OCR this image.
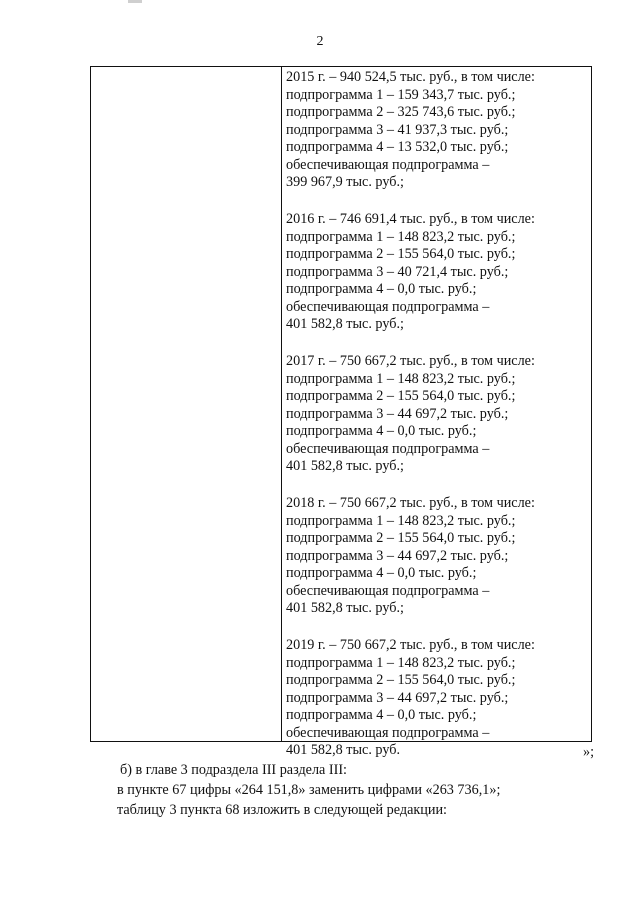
2
2015 г. – 940 524,5 тыс. руб., в том числе:
подпрограмма 1 – 159 343,7 тыс. руб.;
подпрограмма 2 – 325 743,6 тыс. руб.;
подпрограмма 3 – 41 937,3 тыс. руб.;
подпрограмма 4 – 13 532,0 тыс. руб.;
обеспечивающая подпрограмма –
399 967,9 тыс. руб.;
2016 г. – 746 691,4 тыс. руб., в том числе:
подпрограмма 1 – 148 823,2 тыс. руб.;
подпрограмма 2 – 155 564,0 тыс. руб.;
подпрограмма 3 – 40 721,4 тыс. руб.;
подпрограмма 4 – 0,0 тыс. руб.;
обеспечивающая подпрограмма –
401 582,8 тыс. руб.;
2017 г. – 750 667,2 тыс. руб., в том числе:
подпрограмма 1 – 148 823,2 тыс. руб.;
подпрограмма 2 – 155 564,0 тыс. руб.;
подпрограмма 3 – 44 697,2 тыс. руб.;
подпрограмма 4 – 0,0 тыс. руб.;
обеспечивающая подпрограмма –
401 582,8 тыс. руб.;
2018 г. – 750 667,2 тыс. руб., в том числе:
подпрограмма 1 – 148 823,2 тыс. руб.;
подпрограмма 2 – 155 564,0 тыс. руб.;
подпрограмма 3 – 44 697,2 тыс. руб.;
подпрограмма 4 – 0,0 тыс. руб.;
обеспечивающая подпрограмма –
401 582,8 тыс. руб.;
2019 г. – 750 667,2 тыс. руб., в том числе:
подпрограмма 1 – 148 823,2 тыс. руб.;
подпрограмма 2 – 155 564,0 тыс. руб.;
подпрограмма 3 – 44 697,2 тыс. руб.;
подпрограмма 4 – 0,0 тыс. руб.;
обеспечивающая подпрограмма –
401 582,8 тыс. руб.	»;
б) в главе 3 подраздела III раздела III:
в пункте 67 цифры «264 151,8» заменить цифрами «263 736,1»;
таблицу 3 пункта 68 изложить в следующей редакции:
